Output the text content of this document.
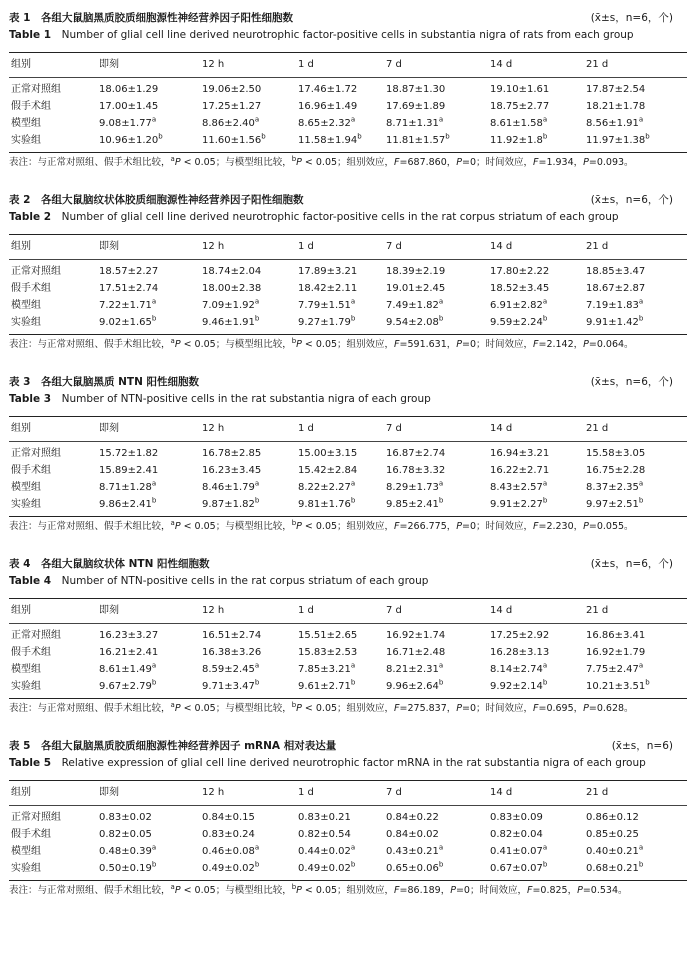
表 1　各组大鼠脑黑质胶质细胞源性神经营养因子阳性细胞数	(x̄±s，n=6，个)
Table 1  Number of glial cell line derived neurotrophic factor-positive cells in substantia nigra of rats from each group
组别	即刻	12 h	1 d	7 d	14 d	21 d
正常对照组	18.06±1.29	19.06±2.50	17.46±1.72	18.87±1.30	19.10±1.61	17.87±2.54
假手术组	17.00±1.45	17.25±1.27	16.96±1.49	17.69±1.89	18.75±2.77	18.21±1.78
模型组	9.08±1.77$^a$	8.86±2.40$^a$	8.65±2.32$^a$	8.71±1.31$^a$	8.61±1.58$^a$	8.56±1.91$^a$
实验组	10.96±1.20$^b$	11.60±1.56$^b$	11.58±1.94$^b$	11.81±1.57$^b$	11.92±1.8$^b$	11.97±1.38$^b$
表注：与正常对照组、假手术组比较，$^a$P < 0.05；与模型组比较，$^b$P < 0.05；组别效应，F=687.860，P=0；时间效应，F=1.934，P=0.093。
表 2　各组大鼠脑纹状体胶质细胞源性神经营养因子阳性细胞数	(x̄±s，n=6，个)
Table 2  Number of glial cell line derived neurotrophic factor-positive cells in the rat corpus striatum of each group
组别	即刻	12 h	1 d	7 d	14 d	21 d
正常对照组	18.57±2.27	18.74±2.04	17.89±3.21	18.39±2.19	17.80±2.22	18.85±3.47
假手术组	17.51±2.74	18.00±2.38	18.42±2.11	19.01±2.45	18.52±3.45	18.67±2.87
模型组	7.22±1.71$^a$	7.09±1.92$^a$	7.79±1.51$^a$	7.49±1.82$^a$	6.91±2.82$^a$	7.19±1.83$^a$
实验组	9.02±1.65$^b$	9.46±1.91$^b$	9.27±1.79$^b$	9.54±2.08$^b$	9.59±2.24$^b$	9.91±1.42$^b$
表注：与正常对照组、假手术组比较，$^a$P < 0.05；与模型组比较，$^b$P < 0.05；组别效应，F=591.631，P=0；时间效应，F=2.142，P=0.064。
表 3　各组大鼠脑黑质 NTN 阳性细胞数	(x̄±s，n=6，个)
Table 3  Number of NTN-positive cells in the rat substantia nigra of each group
组别	即刻	12 h	1 d	7 d	14 d	21 d
正常对照组	15.72±1.82	16.78±2.85	15.00±3.15	16.87±2.74	16.94±3.21	15.58±3.05
假手术组	15.89±2.41	16.23±3.45	15.42±2.84	16.78±3.32	16.22±2.71	16.75±2.28
模型组	8.71±1.28$^a$	8.46±1.79$^a$	8.22±2.27$^a$	8.29±1.73$^a$	8.43±2.57$^a$	8.37±2.35$^a$
实验组	9.86±2.41$^b$	9.87±1.82$^b$	9.81±1.76$^b$	9.85±2.41$^b$	9.91±2.27$^b$	9.97±2.51$^b$
表注：与正常对照组、假手术组比较，$^a$P < 0.05；与模型组比较，$^b$P < 0.05；组别效应，F=266.775，P=0；时间效应，F=2.230，P=0.055。
表 4　各组大鼠脑纹状体 NTN 阳性细胞数	(x̄±s，n=6，个)
Table 4  Number of NTN-positive cells in the rat corpus striatum of each group
组别	即刻	12 h	1 d	7 d	14 d	21 d
正常对照组	16.23±3.27	16.51±2.74	15.51±2.65	16.92±1.74	17.25±2.92	16.86±3.41
假手术组	16.21±2.41	16.38±3.26	15.83±2.53	16.71±2.48	16.28±3.13	16.92±1.79
模型组	8.61±1.49$^a$	8.59±2.45$^a$	7.85±3.21$^a$	8.21±2.31$^a$	8.14±2.74$^a$	7.75±2.47$^a$
实验组	9.67±2.79$^b$	9.71±3.47$^b$	9.61±2.71$^b$	9.96±2.64$^b$	9.92±2.14$^b$	10.21±3.51$^b$
表注：与正常对照组、假手术组比较，$^a$P < 0.05；与模型组比较，$^b$P < 0.05；组别效应，F=275.837，P=0；时间效应，F=0.695，P=0.628。
表 5　各组大鼠脑黑质胶质细胞源性神经营养因子 mRNA 相对表达量	(x̄±s，n=6)
Table 5  Relative expression of glial cell line derived neurotrophic factor mRNA in the rat substantia nigra of each group
组别	即刻	12 h	1 d	7 d	14 d	21 d
正常对照组	0.83±0.02	0.84±0.15	0.83±0.21	0.84±0.22	0.83±0.09	0.86±0.12
假手术组	0.82±0.05	0.83±0.24	0.82±0.54	0.84±0.02	0.82±0.04	0.85±0.25
模型组	0.48±0.39$^a$	0.46±0.08$^a$	0.44±0.02$^a$	0.43±0.21$^a$	0.41±0.07$^a$	0.40±0.21$^a$
实验组	0.50±0.19$^b$	0.49±0.02$^b$	0.49±0.02$^b$	0.65±0.06$^b$	0.67±0.07$^b$	0.68±0.21$^b$
表注：与正常对照组、假手术组比较，$^a$P < 0.05；与模型组比较，$^b$P < 0.05；组别效应，F=86.189，P=0；时间效应，F=0.825，P=0.534。
